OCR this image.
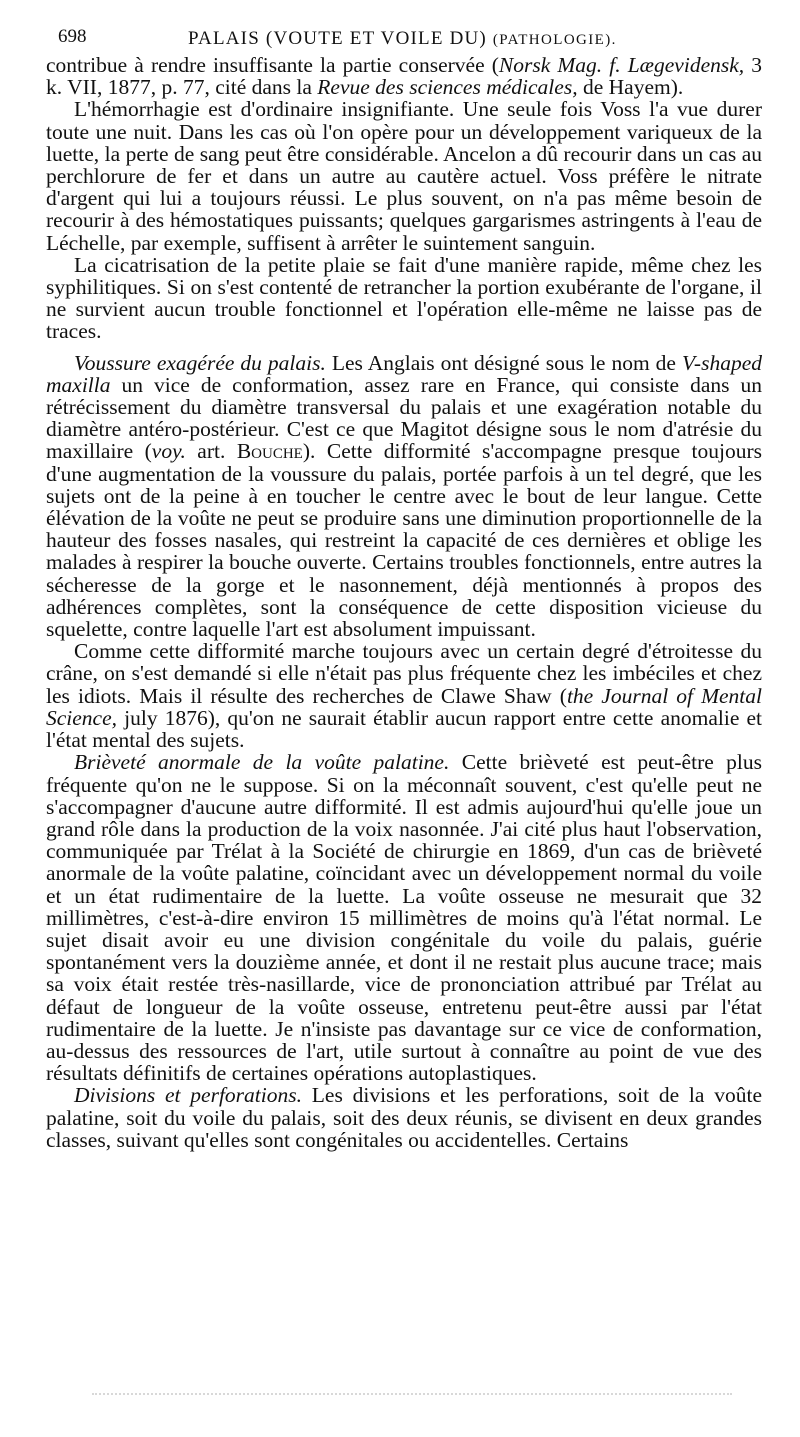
698	PALAIS (VOUTE ET VOILE DU) (PATHOLOGIE).

contribue à rendre insuffisante la partie conservée (Norsk Mag. f. Lægevidensk, 3 k. VII, 1877, p. 77, cité dans la Revue des sciences médicales, de Hayem).

L'hémorrhagie est d'ordinaire insignifiante. Une seule fois Voss l'a vue durer toute une nuit. Dans les cas où l'on opère pour un développement variqueux de la luette, la perte de sang peut être considérable. Ancelon a dû recourir dans un cas au perchlorure de fer et dans un autre au cautère actuel. Voss préfère le nitrate d'argent qui lui a toujours réussi. Le plus souvent, on n'a pas même besoin de recourir à des hémostatiques puissants; quelques gargarismes astringents à l'eau de Léchelle, par exemple, suffisent à arrêter le suintement sanguin.

La cicatrisation de la petite plaie se fait d'une manière rapide, même chez les syphilitiques. Si on s'est contenté de retrancher la portion exubérante de l'organe, il ne survient aucun trouble fonctionnel et l'opération elle-même ne laisse pas de traces.

Voussure exagérée du palais. Les Anglais ont désigné sous le nom de V-shaped maxilla un vice de conformation, assez rare en France, qui consiste dans un rétrécissement du diamètre transversal du palais et une exagération notable du diamètre antéro-postérieur. C'est ce que Magitot désigne sous le nom d'atrésie du maxillaire (voy. art. Bouche). Cette difformité s'accompagne presque toujours d'une augmentation de la voussure du palais, portée parfois à un tel degré, que les sujets ont de la peine à en toucher le centre avec le bout de leur langue. Cette élévation de la voûte ne peut se produire sans une diminution proportionnelle de la hauteur des fosses nasales, qui restreint la capacité de ces dernières et oblige les malades à respirer la bouche ouverte. Certains troubles fonctionnels, entre autres la sécheresse de la gorge et le nasonnement, déjà mentionnés à propos des adhérences complètes, sont la conséquence de cette disposition vicieuse du squelette, contre laquelle l'art est absolument impuissant.

Comme cette difformité marche toujours avec un certain degré d'étroitesse du crâne, on s'est demandé si elle n'était pas plus fréquente chez les imbéciles et chez les idiots. Mais il résulte des recherches de Clawe Shaw (the Journal of Mental Science, july 1876), qu'on ne saurait établir aucun rapport entre cette anomalie et l'état mental des sujets.

Brièveté anormale de la voûte palatine. Cette brièveté est peut-être plus fréquente qu'on ne le suppose. Si on la méconnaît souvent, c'est qu'elle peut ne s'accompagner d'aucune autre difformité. Il est admis aujourd'hui qu'elle joue un grand rôle dans la production de la voix nasonnée. J'ai cité plus haut l'observation, communiquée par Trélat à la Société de chirurgie en 1869, d'un cas de brièveté anormale de la voûte palatine, coïncidant avec un développement normal du voile et un état rudimentaire de la luette. La voûte osseuse ne mesurait que 32 millimètres, c'est-à-dire environ 15 millimètres de moins qu'à l'état normal. Le sujet disait avoir eu une division congénitale du voile du palais, guérie spontanément vers la douzième année, et dont il ne restait plus aucune trace; mais sa voix était restée très-nasillarde, vice de prononciation attribué par Trélat au défaut de longueur de la voûte osseuse, entretenu peut-être aussi par l'état rudimentaire de la luette. Je n'insiste pas davantage sur ce vice de conformation, au-dessus des ressources de l'art, utile surtout à connaître au point de vue des résultats définitifs de certaines opérations autoplastiques.

Divisions et perforations. Les divisions et les perforations, soit de la voûte palatine, soit du voile du palais, soit des deux réunis, se divisent en deux grandes classes, suivant qu'elles sont congénitales ou accidentelles. Certains
